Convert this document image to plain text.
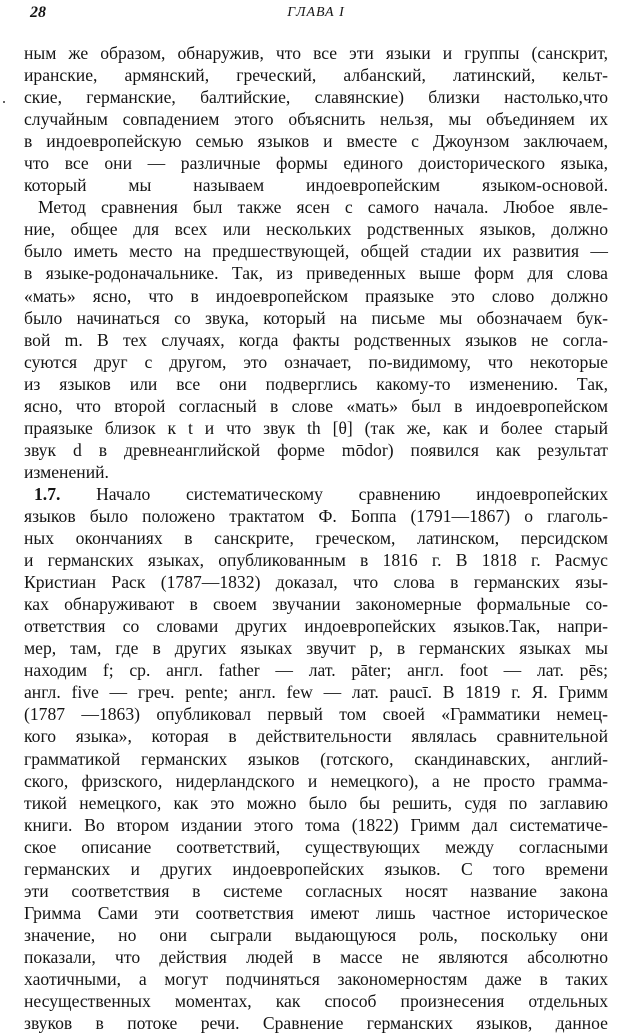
28	ГЛАВА I
ным же образом, обнаружив, что все эти языки и группы (санскрит,
иранские, армянский, греческий, албанский, латинский, кельт-
ские, германские, балтийские, славянские) близки настолько,что
случайным совпадением этого объяснить нельзя, мы объединяем их
в индоевропейскую семью языков и вместе с Джоунзом заключаем,
что все они — различные формы единого доисторического языка,
который мы называем индоевропейским языком-основой.
Метод сравнения был также ясен с самого начала. Любое явле-
ние, общее для всех или нескольких родственных языков, должно
было иметь место на предшествующей, общей стадии их развития —
в языке-родоначальнике. Так, из приведенных выше форм для слова
«мать» ясно, что в индоевропейском праязыке это слово должно
было начинаться со звука, который на письме мы обозначаем бук-
вой m. В тех случаях, когда факты родственных языков не согла-
суются друг с другом, это означает, по-видимому, что некоторые
из языков или все они подверглись какому-то изменению. Так,
ясно, что второй согласный в слове «мать» был в индоевропейском
праязыке близок к t и что звук th [θ] (так же, как и более старый
звук d в древнеанглийской форме mōdor) появился как результат
изменений.
1.7. Начало систематическому сравнению индоевропейских
языков было положено трактатом Ф. Боппа (1791—1867) о глаголь-
ных окончаниях в санскрите, греческом, латинском, персидском
и германских языках, опубликованным в 1816 г. В 1818 г. Расмус
Кристиан Раск (1787—1832) доказал, что слова в германских язы-
ках обнаруживают в своем звучании закономерные формальные со-
ответствия со словами других индоевропейских языков.Так, напри-
мер, там, где в других языках звучит p, в германских языках мы
находим f; ср. англ. father — лат. pāter; англ. foot — лат. pēs;
англ. five — греч. pente; англ. few — лат. paucī. В 1819 г. Я. Гримм
(1787 —1863) опубликовал первый том своей «Грамматики немец-
кого языка», которая в действительности являлась сравнительной
грамматикой германских языков (готского, скандинавских, англий-
ского, фризского, нидерландского и немецкого), а не просто грамма-
тикой немецкого, как это можно было бы решить, судя по заглавию
книги. Во втором издании этого тома (1822) Гримм дал систематиче-
ское описание соответствий, существующих между согласными
германских и других индоевропейских языков. С того времени
эти соответствия в системе согласных носят название закона
Гримма Сами эти соответствия имеют лишь частное историческое
значение, но они сыграли выдающуюся роль, поскольку они
показали, что действия людей в массе не являются абсолютно
хаотичными, а могут подчиняться закономерностям даже в таких
несущественных моментах, как способ произнесения отдельных
звуков в потоке речи. Сравнение германских языков, данное
